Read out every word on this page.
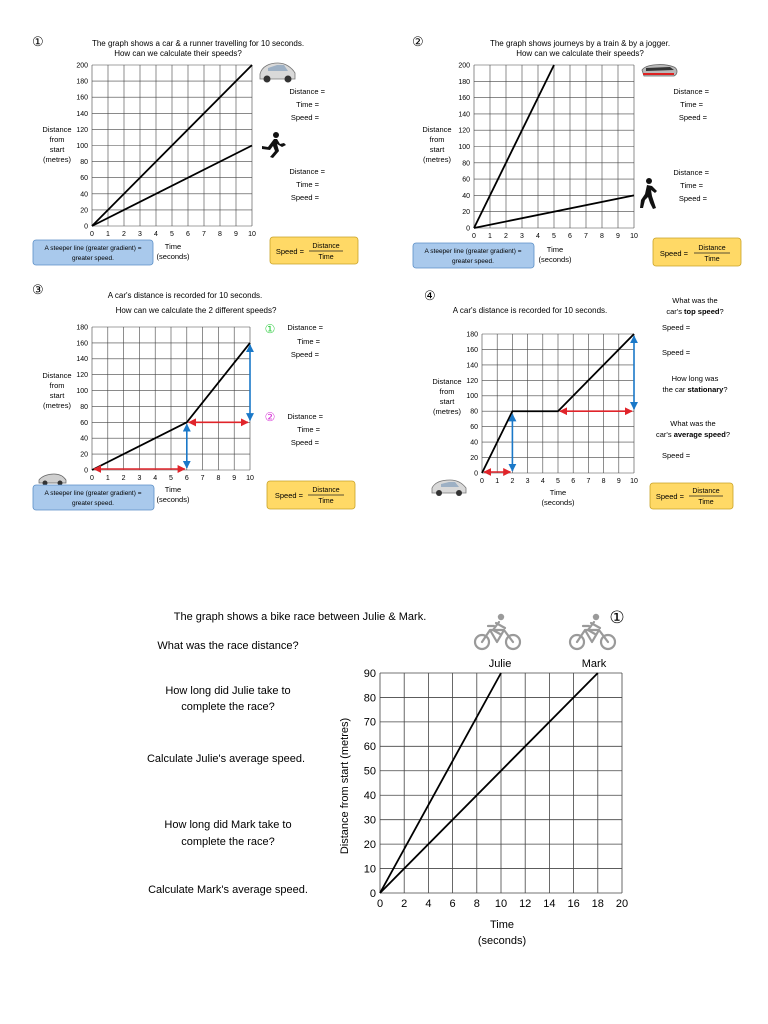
①	The graph shows a car & a runner travelling for 10 seconds.
How can we calculate their speeds?
0 1 2 3 4 5 6 7 8 9 10
0
20
40
60
80
100
120
140
160
180
200
Distance
from
start
(metres)
Time
(seconds)
Distance =
Time =
Speed =
Distance =
Time =
Speed =
A steeper line (greater gradient) =
greater speed.
Speed =
Distance
Time
②	The graph shows journeys by a train & by a jogger.
How can we calculate their speeds?
0 1 2 3 4 5 6 7 8 9 10
0
20
40
60
80
100
120
140
160
180
200
Distance
from
start
(metres)
Time
(seconds)
Distance =
Time =
Speed =
Distance =
Time =
Speed =
A steeper line (greater gradient) =
greater speed.
Speed =
Distance
Time
③	A car's distance is recorded for 10 seconds.
How can we calculate the 2 different speeds?
0 1 2 3 4 5 6 7 8 9 10
0
20
40
60
80
100
120
140
160
180
Distance
from
start
(metres)
Time
(seconds)
①
②
Distance =
Time =
Speed =
Distance =
Time =
Speed =
A steeper line (greater gradient) =
greater speed.
Speed =
Distance
Time
④
A car's distance is recorded for 10 seconds.
0 1 2 3 4 5 6 7 8 9 10
0
20
40
60
80
100
120
140
160
180
Distance
from
start
(metres)
Time
(seconds)
What was the
car's top speed?
Speed =
Speed =
How long was
the car stationary?
What was the
car's average speed?
Speed =
Speed =
Distance
Time
The graph shows a bike race between Julie & Mark.	①
What was the race distance?
How long did Julie take to
complete the race?
Calculate Julie's average speed.
How long did Mark take to
complete the race?
Calculate Mark's average speed.
Julie	Mark
0 2 4 6 8 10 12 14 16 18 20
0
10
20
30
40
50
60
70
80
90
Distance from start (metres)
Time
(seconds)
